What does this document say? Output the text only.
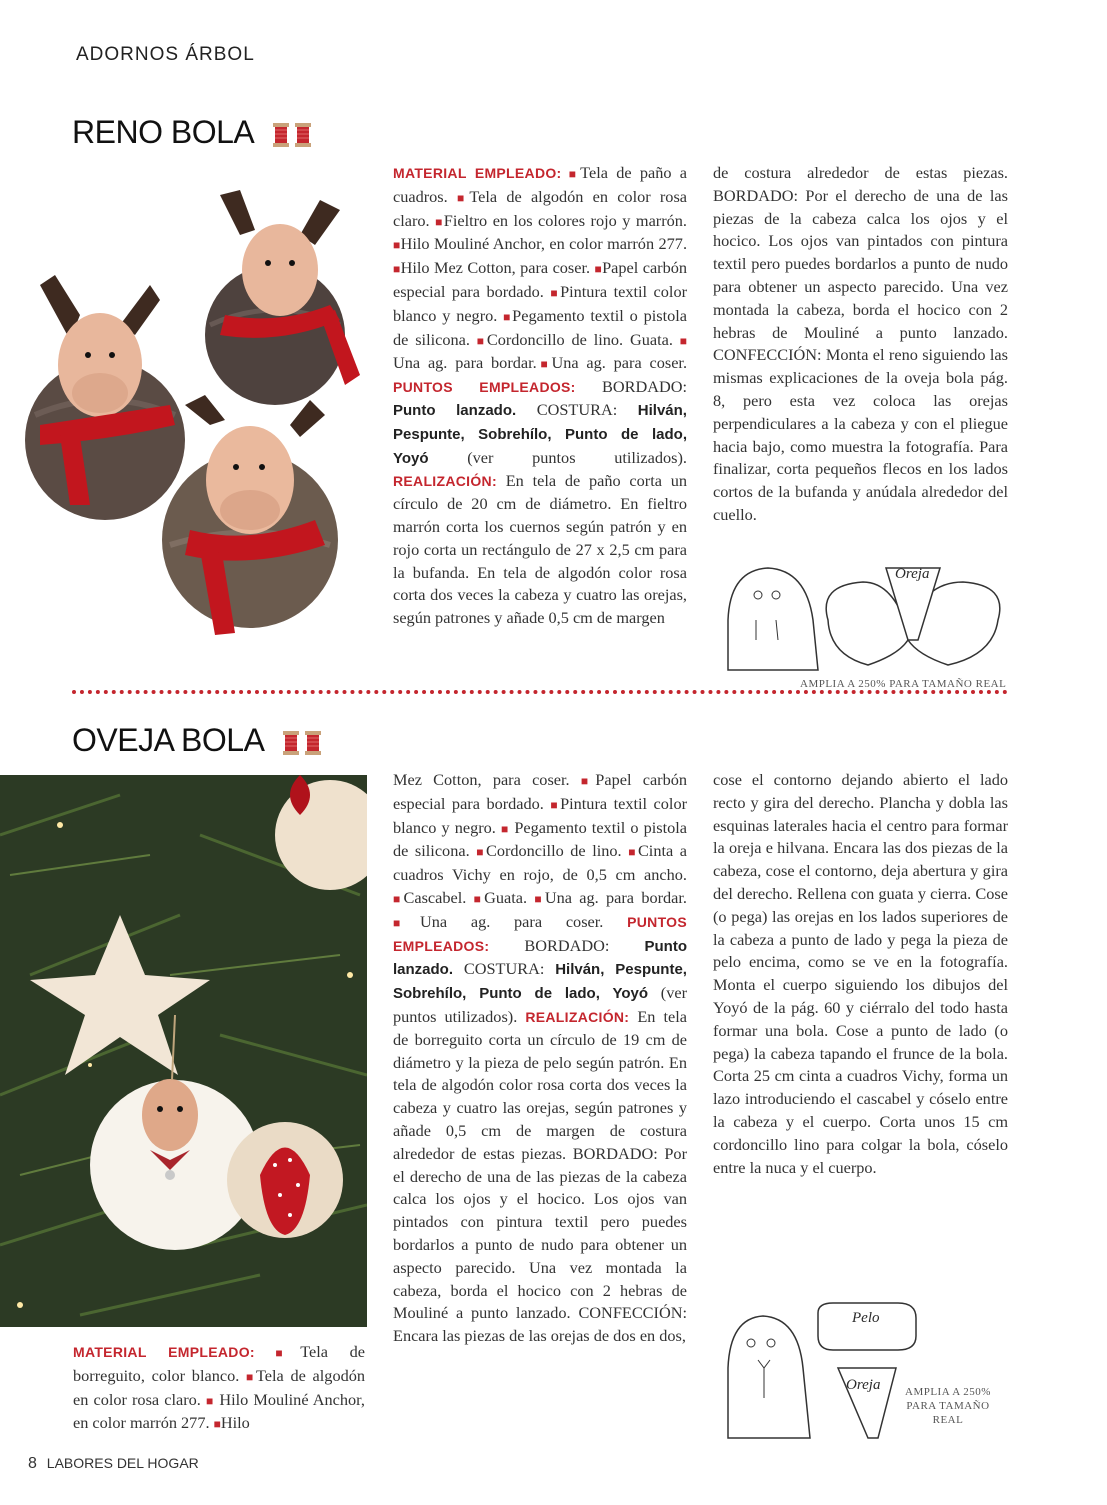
ADORNOS ÁRBOL
RENO BOLA

MATERIAL EMPLEADO: ■Tela de paño a cuadros. ■Tela de algodón en color rosa claro. ■Fieltro en los colores rojo y marrón. ■Hilo Mouliné Anchor, en color marrón 277. ■Hilo Mez Cotton, para coser. ■Papel carbón especial para bordado. ■Pintura textil color blanco y negro. ■Pegamento textil o pistola de silicona. ■Cordoncillo de lino. Guata. ■ Una ag. para bordar.■Una ag. para coser. PUNTOS EMPLEADOS: BORDADO: Punto lanzado. COSTURA: Hilván, Pespunte, Sobrehílo, Punto de lado, Yoyó (ver puntos utilizados). REALIZACIÓN: En tela de paño corta un círculo de 20 cm de diámetro. En fieltro marrón corta los cuernos según patrón y en rojo corta un rectángulo de 27 x 2,5 cm para la bufanda. En tela de algodón color rosa corta dos veces la cabeza y cuatro las orejas, según patrones y añade 0,5 cm de margen

de costura alrededor de estas piezas. BORDADO: Por el derecho de una de las piezas de la cabeza calca los ojos y el hocico. Los ojos van pintados con pintura textil pero puedes bordarlos a punto de nudo para obtener un aspecto parecido. Una vez montada la cabeza, borda el hocico con 2 hebras de Mouliné a punto lanzado. CONFECCIÓN: Monta el reno siguiendo las mismas explicaciones de la oveja bola pág. 8, pero esta vez coloca las orejas perpendiculares a la cabeza y con el pliegue hacia bajo, como muestra la fotografía. Para finalizar, corta pequeños flecos en los lados cortos de la bufanda y anúdala alrededor del cuello.

Oreja
AMPLIA A 250% PARA TAMAÑO REAL
OVEJA BOLA

MATERIAL EMPLEADO: ■Tela de borreguito, color blanco. ■Tela de algodón en color rosa claro. ■ Hilo Mouliné Anchor, en color marrón 277. ■Hilo

Mez Cotton, para coser. ■Papel carbón especial para bordado. ■Pintura textil color blanco y negro. ■ Pegamento textil o pistola de silicona. ■Cordoncillo de lino. ■Cinta a cuadros Vichy en rojo, de 0,5 cm ancho. ■Cascabel. ■Guata. ■Una ag. para bordar. ■Una ag. para coser. PUNTOS EMPLEADOS: BORDADO: Punto lanzado. COSTURA: Hilván, Pespunte, Sobrehílo, Punto de lado, Yoyó (ver puntos utilizados). REALIZACIÓN: En tela de borreguito corta un círculo de 19 cm de diámetro y la pieza de pelo según patrón. En tela de algodón color rosa corta dos veces la cabeza y cuatro las orejas, según patrones y añade 0,5 cm de margen de costura alrededor de estas piezas. BORDADO: Por el derecho de una de las piezas de la cabeza calca los ojos y el hocico. Los ojos van pintados con pintura textil pero puedes bordarlos a punto de nudo para obtener un aspecto parecido. Una vez montada la cabeza, borda el hocico con 2 hebras de Mouliné a punto lanzado. CONFECCIÓN: Encara las piezas de las orejas de dos en dos,

cose el contorno dejando abierto el lado recto y gira del derecho. Plancha y dobla las esquinas laterales hacia el centro para formar la oreja e hilvana. Encara las dos piezas de la cabeza, cose el contorno, deja abertura y gira del derecho. Rellena con guata y cierra. Cose (o pega) las orejas en los lados superiores de la cabeza a punto de lado y pega la pieza de pelo encima, como se ve en la fotografía. Monta el cuerpo siguiendo los dibujos del Yoyó de la pág. 60 y ciérralo del todo hasta formar una bola. Cose a punto de lado (o pega) la cabeza tapando el frunce de la bola. Corta 25 cm cinta a cuadros Vichy, forma un lazo introduciendo el cascabel y cóselo entre la cabeza y el cuerpo. Corta unos 15 cm cordoncillo lino para colgar la bola, cóselo entre la nuca y el cuerpo.

Pelo
Oreja AMPLIA A 250%
PARA TAMAÑO
REAL
8 LABORES DEL HOGAR
